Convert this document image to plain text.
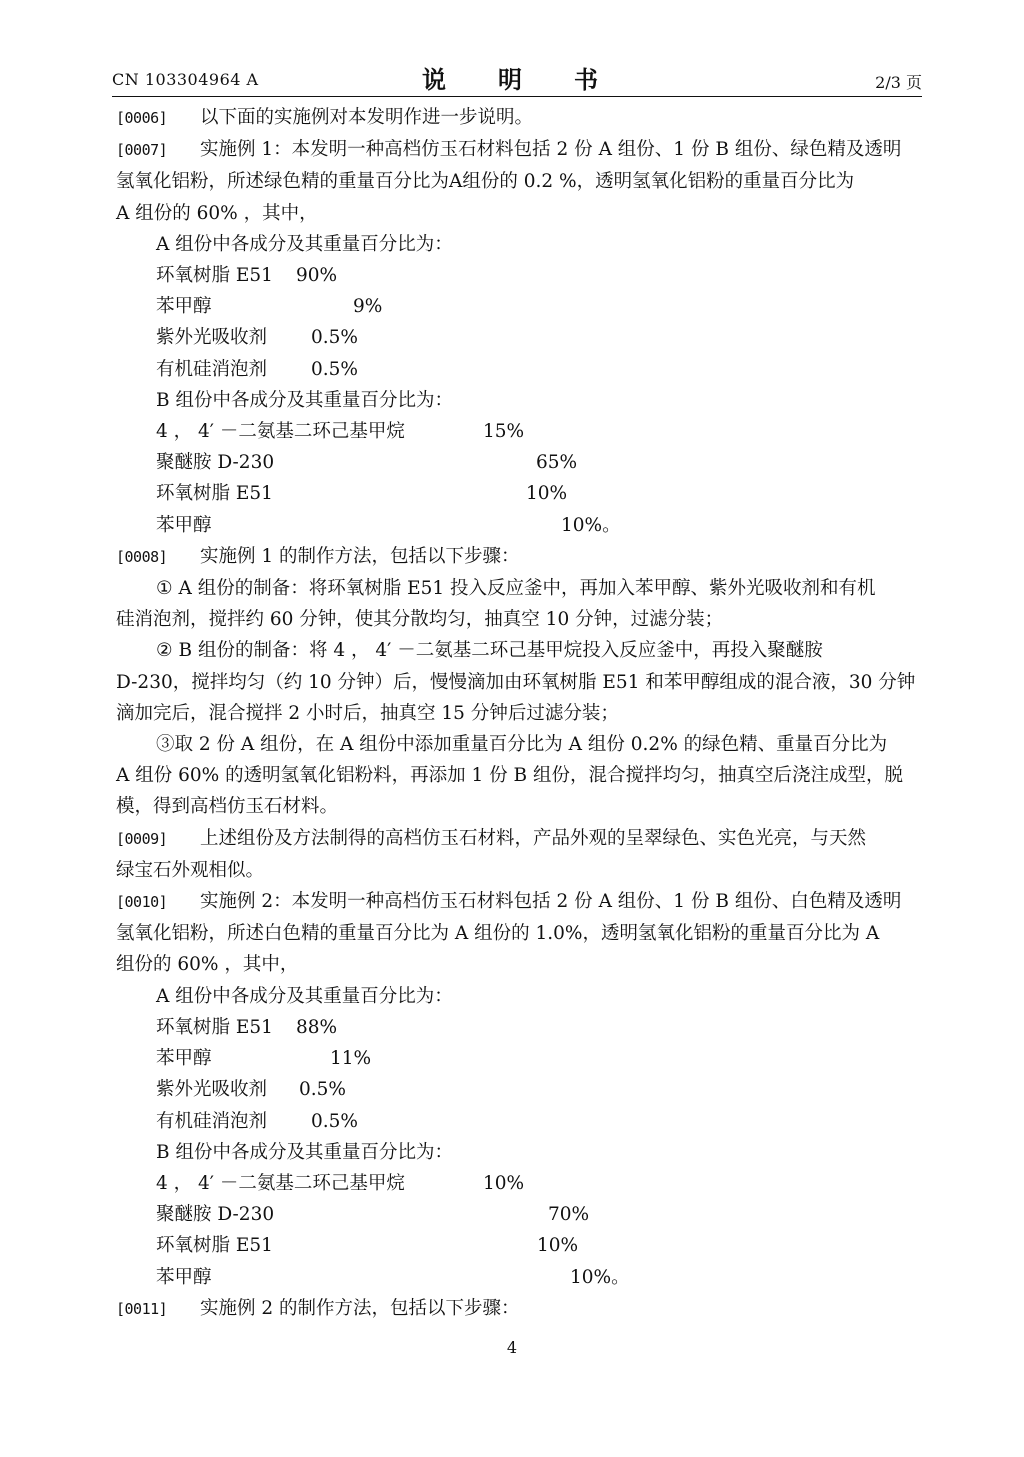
CN 103304964 A	说　明　书	2/3 页
[0006] 以下面的实施例对本发明作进一步说明。
[0007] 实施例 1：本发明一种高档仿玉石材料包括 2 份 A 组份、1 份 B 组份、绿色精及透明
氢氧化铝粉，所述绿色精的重量百分比为A组份的 0.2 %，透明氢氧化铝粉的重量百分比为
A 组份的 60% ，其中，
A 组份中各成分及其重量百分比为：
环氧树脂 E51	90%
苯甲醇	9%
紫外光吸收剂	0.5%
有机硅消泡剂	0.5%
B 组份中各成分及其重量百分比为：
4 ， 4′ －二氨基二环己基甲烷	15%
聚醚胺 D-230	65%
环氧树脂 E51	10%
苯甲醇	10%。
[0008] 实施例 1 的制作方法，包括以下步骤：
① A 组份的制备：将环氧树脂 E51 投入反应釜中，再加入苯甲醇、紫外光吸收剂和有机
硅消泡剂，搅拌约 60 分钟，使其分散均匀，抽真空 10 分钟，过滤分装；
② B 组份的制备：将 4 ， 4′ －二氨基二环己基甲烷投入反应釜中，再投入聚醚胺
D-230，搅拌均匀（约 10 分钟）后，慢慢滴加由环氧树脂 E51 和苯甲醇组成的混合液，30 分钟
滴加完后，混合搅拌 2 小时后，抽真空 15 分钟后过滤分装；
③取 2 份 A 组份，在 A 组份中添加重量百分比为 A 组份 0.2% 的绿色精、重量百分比为
A 组份 60% 的透明氢氧化铝粉料，再添加 1 份 B 组份，混合搅拌均匀，抽真空后浇注成型，脱
模，得到高档仿玉石材料。
[0009] 上述组份及方法制得的高档仿玉石材料，产品外观的呈翠绿色、实色光亮，与天然
绿宝石外观相似。
[0010] 实施例 2：本发明一种高档仿玉石材料包括 2 份 A 组份、1 份 B 组份、白色精及透明
氢氧化铝粉，所述白色精的重量百分比为 A 组份的 1.0%，透明氢氧化铝粉的重量百分比为 A
组份的 60% ，其中，
A 组份中各成分及其重量百分比为：
环氧树脂 E51	88%
苯甲醇	11%
紫外光吸收剂	0.5%
有机硅消泡剂	0.5%
B 组份中各成分及其重量百分比为：
4 ， 4′ －二氨基二环己基甲烷	10%
聚醚胺 D-230	70%
环氧树脂 E51	10%
苯甲醇	10%。
[0011] 实施例 2 的制作方法，包括以下步骤：
4
